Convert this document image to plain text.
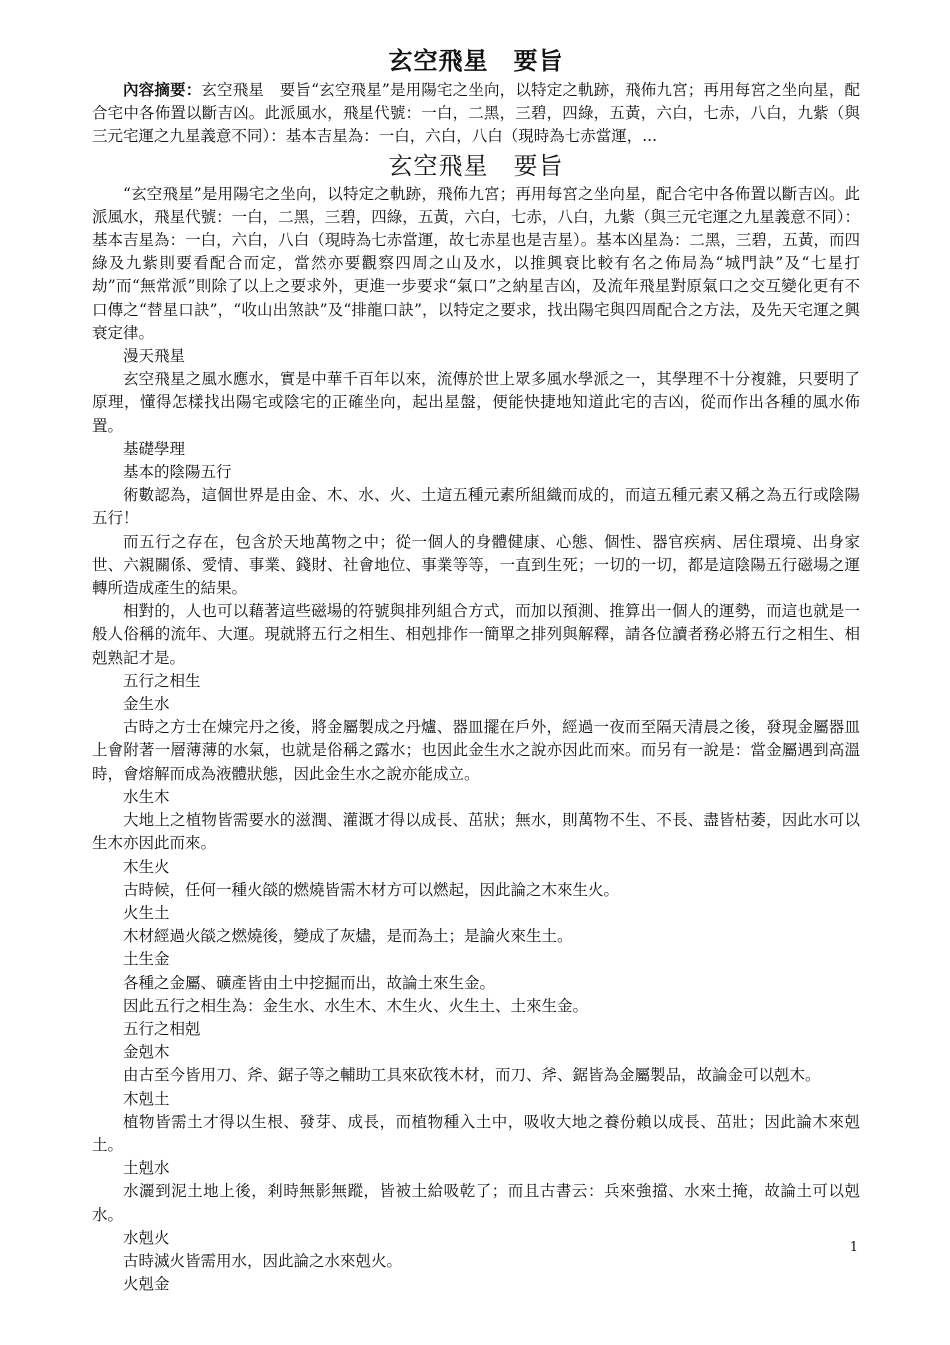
玄空飛星　要旨

內容摘要：玄空飛星　要旨“玄空飛星”是用陽宅之坐向，以特定之軌跡，飛佈九宮；再用每宮之坐向星，配合宅中各佈置以斷吉凶。此派風水，飛星代號：一白，二黑，三碧，四綠，五黃，六白，七赤，八白，九紫（與三元宅運之九星義意不同）：基本吉星為：一白，六白，八白（現時為七赤當運，...

玄空飛星　要旨

“玄空飛星”是用陽宅之坐向，以特定之軌跡，飛佈九宮；再用每宮之坐向星，配合宅中各佈置以斷吉凶。此派風水，飛星代號：一白，二黑，三碧，四綠，五黃，六白，七赤，八白，九紫（與三元宅運之九星義意不同）：基本吉星為：一白，六白，八白（現時為七赤當運，故七赤星也是吉星）。基本凶星為：二黑，三碧，五黃，而四綠及九紫則要看配合而定，當然亦要觀察四周之山及水，以推興衰比較有名之佈局為“城門訣”及“七星打劫”而“無常派”則除了以上之要求外，更進一步要求“氣口”之納星吉凶，及流年飛星對原氣口之交互變化更有不口傳之“替星口訣”，“收山出煞訣”及“排龍口訣”，以特定之要求，找出陽宅與四周配合之方法，及先天宅運之興衰定律。

漫天飛星

玄空飛星之風水應水，實是中華千百年以來，流傳於世上眾多風水學派之一，其學理不十分複雜，只要明了原理，懂得怎樣找出陽宅或陰宅的正確坐向，起出星盤，便能快捷地知道此宅的吉凶，從而作出各種的風水佈置。

基礎學理

基本的陰陽五行

術數認為，這個世界是由金、木、水、火、土這五種元素所組織而成的，而這五種元素又稱之為五行或陰陽五行！

而五行之存在，包含於天地萬物之中；從一個人的身體健康、心態、個性、器官疾病、居住環境、出身家世、六親關係、愛情、事業、錢財、社會地位、事業等等，一直到生死；一切的一切，都是這陰陽五行磁場之運轉所造成產生的結果。

相對的，人也可以藉著這些磁場的符號與排列組合方式，而加以預測、推算出一個人的運勢，而這也就是一般人俗稱的流年、大運。現就將五行之相生、相剋排作一簡單之排列與解釋，請各位讀者務必將五行之相生、相剋熟記才是。

五行之相生

金生水

古時之方士在煉完丹之後，將金屬製成之丹爐、器皿擺在戶外，經過一夜而至隔天清晨之後，發現金屬器皿上會附著一層薄薄的水氣，也就是俗稱之露水；也因此金生水之說亦因此而來。而另有一說是：當金屬遇到高溫時，會熔解而成為液體狀態，因此金生水之說亦能成立。

水生木

大地上之植物皆需要水的滋潤、灌溉才得以成長、茁狀；無水，則萬物不生、不長、盡皆枯萎，因此水可以生木亦因此而來。

木生火

古時候，任何一種火燄的燃燒皆需木材方可以燃起，因此論之木來生火。

火生土

木材經過火燄之燃燒後，變成了灰燼，是而為土；是論火來生土。

土生金

各種之金屬、礦產皆由土中挖掘而出，故論土來生金。

因此五行之相生為：金生水、水生木、木生火、火生土、土來生金。

五行之相剋

金剋木

由古至今皆用刀、斧、鋸子等之輔助工具來砍筏木材，而刀、斧、鋸皆為金屬製品，故論金可以剋木。

木剋土

植物皆需土才得以生根、發芽、成長，而植物種入土中，吸收大地之養份賴以成長、茁壯；因此論木來剋土。

土剋水

水灑到泥土地上後，剎時無影無蹤，皆被土給吸乾了；而且古書云：兵來強擋、水來土掩，故論土可以剋水。

水剋火

古時滅火皆需用水，因此論之水來剋火。

火剋金

1
